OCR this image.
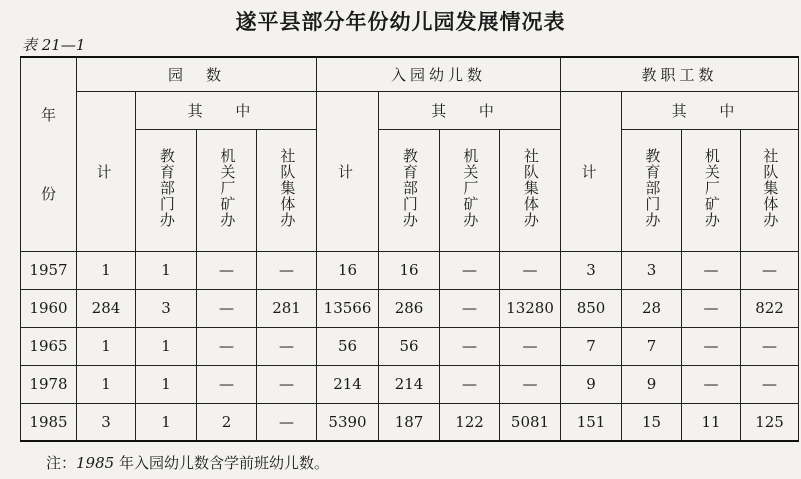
遂平县部分年份幼儿园发展情况表
表 21—1
年
份	园　数				入园幼儿数				教职工数			
	计	其 中			计	其 中			计	其 中		
		教育部门办	机关厂矿办	社队集体办		教育部门办	机关厂矿办	社队集体办		教育部门办	机关厂矿办	社队集体办
1957	1	1	—	—	16	16	—	—	3	3	—	—
1960	284	3	—	281	13566	286	—	13280	850	28	—	822
1965	1	1	—	—	56	56	—	—	7	7	—	—
1978	1	1	—	—	214	214	—	—	9	9	—	—
1985	3	1	2	—	5390	187	122	5081	151	15	11	125
注：1985 年入园幼儿数含学前班幼儿数。
